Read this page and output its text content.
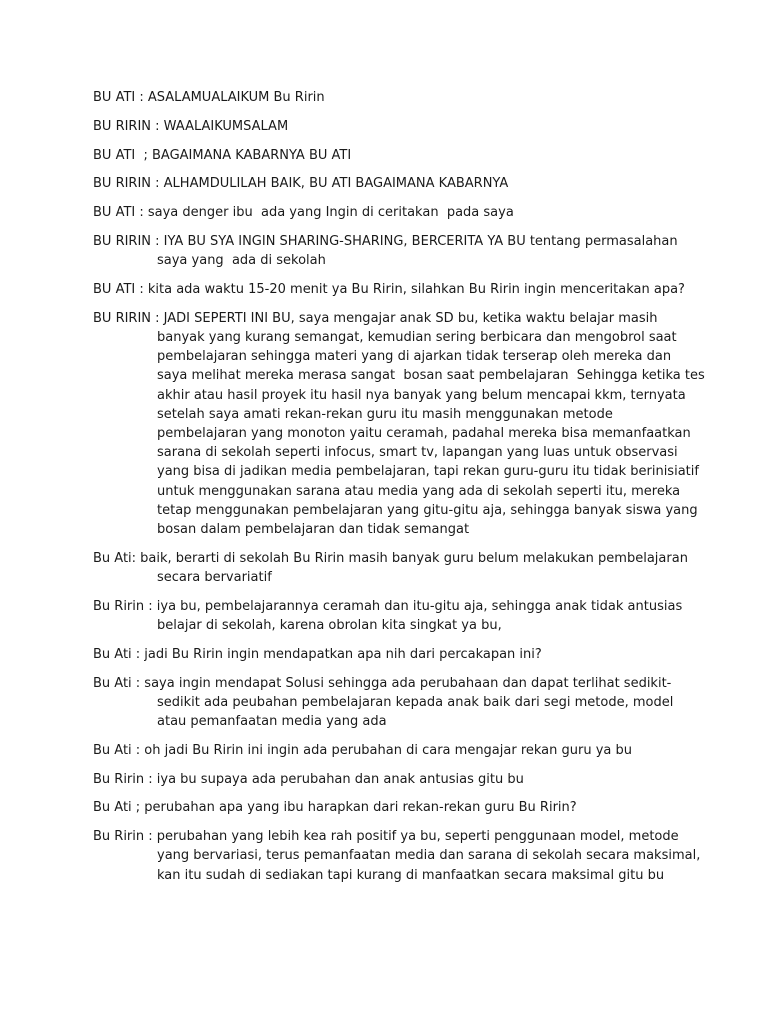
BU ATI : ASALAMUALAIKUM Bu Ririn

BU RIRIN : WAALAIKUMSALAM

BU ATI  ; BAGAIMANA KABARNYA BU ATI

BU RIRIN : ALHAMDULILAH BAIK, BU ATI BAGAIMANA KABARNYA

BU ATI : saya denger ibu  ada yang Ingin di ceritakan  pada saya

BU RIRIN : IYA BU SYA INGIN SHARING-SHARING, BERCERITA YA BU tentang permasalahan
saya yang  ada di sekolah

BU ATI : kita ada waktu 15-20 menit ya Bu Ririn, silahkan Bu Ririn ingin menceritakan apa?

BU RIRIN : JADI SEPERTI INI BU, saya mengajar anak SD bu, ketika waktu belajar masih
banyak yang kurang semangat, kemudian sering berbicara dan mengobrol saat
pembelajaran sehingga materi yang di ajarkan tidak terserap oleh mereka dan
saya melihat mereka merasa sangat  bosan saat pembelajaran  Sehingga ketika tes
akhir atau hasil proyek itu hasil nya banyak yang belum mencapai kkm, ternyata
setelah saya amati rekan-rekan guru itu masih menggunakan metode
pembelajaran yang monoton yaitu ceramah, padahal mereka bisa memanfaatkan
sarana di sekolah seperti infocus, smart tv, lapangan yang luas untuk observasi
yang bisa di jadikan media pembelajaran, tapi rekan guru-guru itu tidak berinisiatif
untuk menggunakan sarana atau media yang ada di sekolah seperti itu, mereka
tetap menggunakan pembelajaran yang gitu-gitu aja, sehingga banyak siswa yang
bosan dalam pembelajaran dan tidak semangat

Bu Ati: baik, berarti di sekolah Bu Ririn masih banyak guru belum melakukan pembelajaran
secara bervariatif

Bu Ririn : iya bu, pembelajarannya ceramah dan itu-gitu aja, sehingga anak tidak antusias
belajar di sekolah, karena obrolan kita singkat ya bu,

Bu Ati : jadi Bu Ririn ingin mendapatkan apa nih dari percakapan ini?

Bu Ati : saya ingin mendapat Solusi sehingga ada perubahaan dan dapat terlihat sedikit-
sedikit ada peubahan pembelajaran kepada anak baik dari segi metode, model
atau pemanfaatan media yang ada

Bu Ati : oh jadi Bu Ririn ini ingin ada perubahan di cara mengajar rekan guru ya bu

Bu Ririn : iya bu supaya ada perubahan dan anak antusias gitu bu

Bu Ati ; perubahan apa yang ibu harapkan dari rekan-rekan guru Bu Ririn?

Bu Ririn : perubahan yang lebih kea rah positif ya bu, seperti penggunaan model, metode
yang bervariasi, terus pemanfaatan media dan sarana di sekolah secara maksimal,
kan itu sudah di sediakan tapi kurang di manfaatkan secara maksimal gitu bu
